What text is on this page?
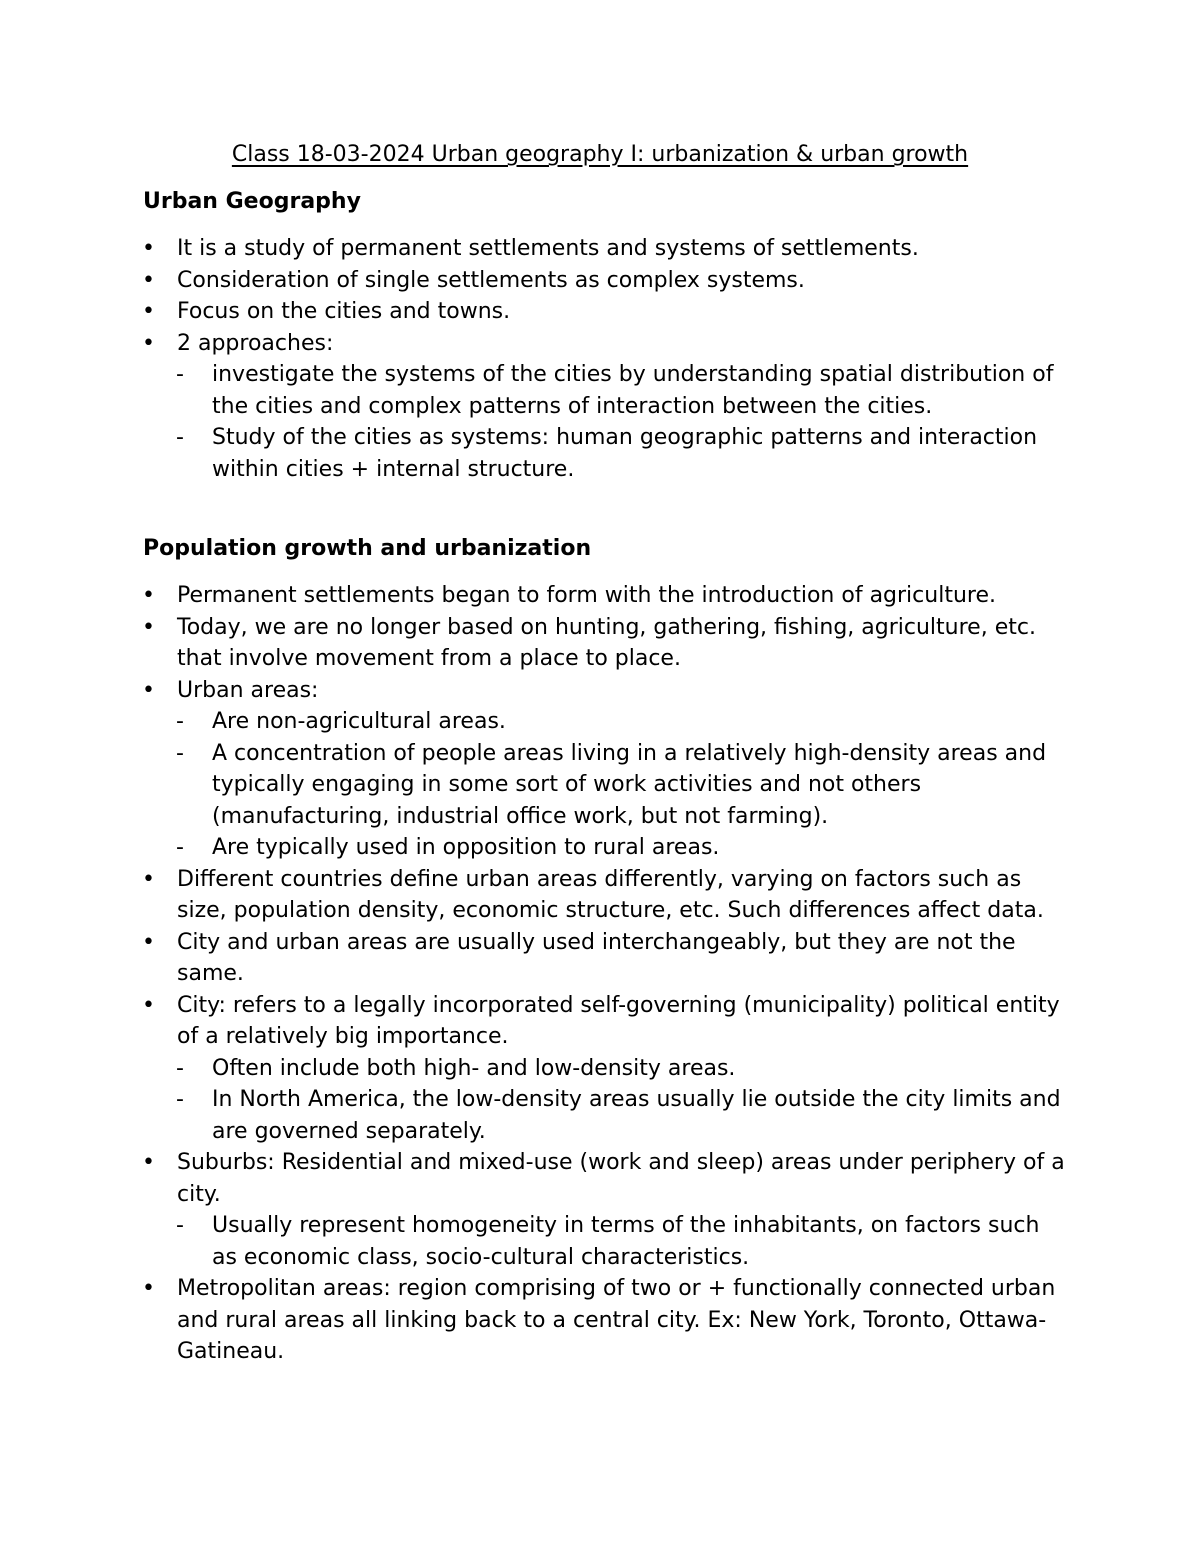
Class 18-03-2024 Urban geography I: urbanization & urban growth
Urban Geography
• It is a study of permanent settlements and systems of settlements.
• Consideration of single settlements as complex systems.
• Focus on the cities and towns.
• 2 approaches:
- investigate the systems of the cities by understanding spatial distribution of the cities and complex patterns of interaction between the cities.
- Study of the cities as systems: human geographic patterns and interaction within cities + internal structure.
Population growth and urbanization
• Permanent settlements began to form with the introduction of agriculture.
• Today, we are no longer based on hunting, gathering, fishing, agriculture, etc. that involve movement from a place to place.
• Urban areas:
- Are non-agricultural areas.
- A concentration of people areas living in a relatively high-density areas and typically engaging in some sort of work activities and not others (manufacturing, industrial office work, but not farming).
- Are typically used in opposition to rural areas.
• Different countries define urban areas differently, varying on factors such as size, population density, economic structure, etc. Such differences affect data.
• City and urban areas are usually used interchangeably, but they are not the same.
• City: refers to a legally incorporated self-governing (municipality) political entity of a relatively big importance.
- Often include both high- and low-density areas.
- In North America, the low-density areas usually lie outside the city limits and are governed separately.
• Suburbs: Residential and mixed-use (work and sleep) areas under periphery of a city.
- Usually represent homogeneity in terms of the inhabitants, on factors such as economic class, socio-cultural characteristics.
• Metropolitan areas: region comprising of two or + functionally connected urban and rural areas all linking back to a central city. Ex: New York, Toronto, Ottawa-Gatineau.
